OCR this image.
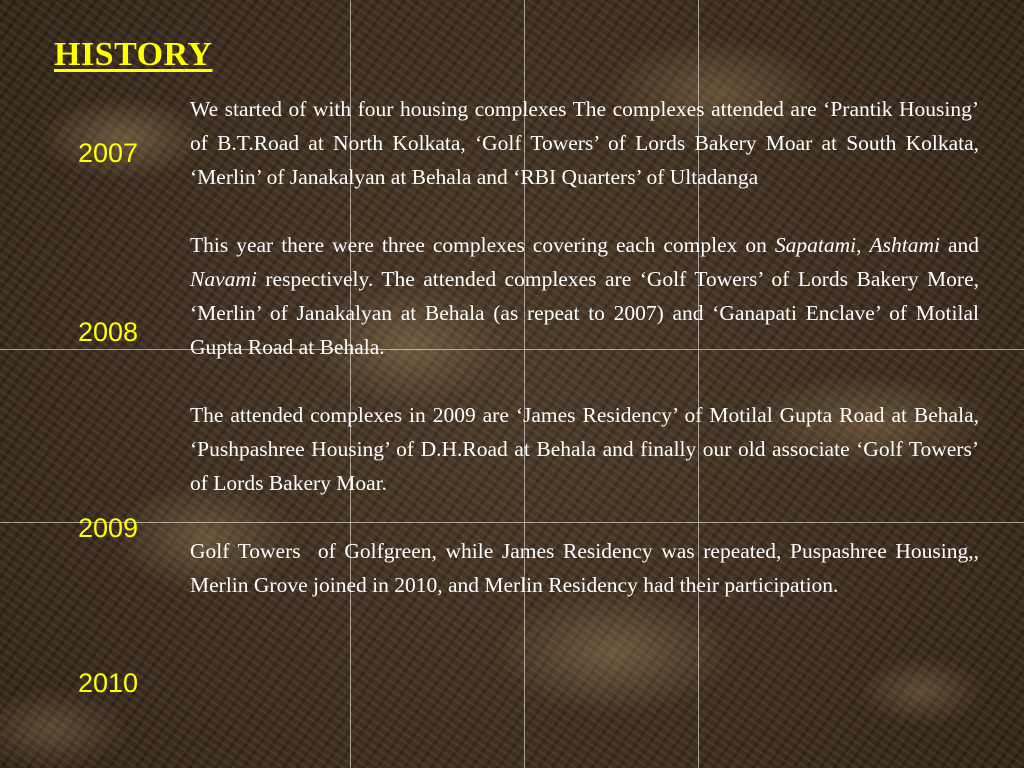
HISTORY
2007
2008
2009
2010

We started of with four housing complexes The complexes attended are ‘Prantik Housing’ of B.T.Road at North Kolkata, ‘Golf Towers’ of Lords Bakery Moar at South Kolkata, ‘Merlin’ of Janakalyan at Behala and ‘RBI Quarters’ of Ultadanga

This year there were three complexes covering each complex on Sapatami, Ashtami and Navami respectively. The attended complexes are ‘Golf Towers’ of Lords Bakery More, ‘Merlin’ of Janakalyan at Behala (as repeat to 2007) and ‘Ganapati Enclave’ of Motilal Gupta Road at Behala.

The attended complexes in 2009 are ‘James Residency’ of Motilal Gupta Road at Behala, ‘Pushpashree Housing’ of D.H.Road at Behala and finally our old associate ‘Golf Towers’ of Lords Bakery Moar.

Golf Towers  of Golfgreen, while James Residency was repeated, Puspashree Housing,, Merlin Grove joined in 2010, and Merlin Residency had their participation.
